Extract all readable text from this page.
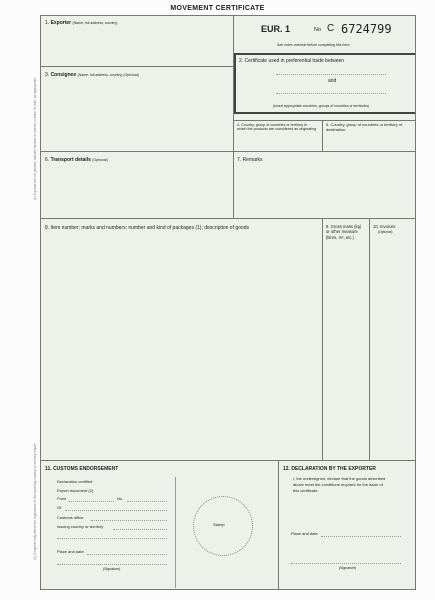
MOVEMENT CERTIFICATE
(1) If goods are not packed, indicate number of articles or state "in bulk" as appropriate
(2) Complete only where the regulations of the exporting country or territory require
1. Exporter (Name, full address, country)
EUR. 1	No C 6724799
See notes overleaf before completing this form.
2. Certificate used in preferential trade between
and
(Insert appropriate countries, groups of countries or territories)
3. Consignee (Name, full address, country) (Optional)
4. Country, group of countries or territory in which the products are considered as originating
5. Country, group of countries or territory of destination
6. Transport details (Optional)	7. Remarks
8. Item number; marks and numbers; number and kind of packages (1); description of goods	9. Gross mass (kg) or other measure (litres, m³, etc.)
10. Invoices
(Optional)
11. CUSTOMS ENDORSEMENT
Declaration certified
Export document (2)
Form	No.
Of
Customs office
Issuing country or territory
Place and date
(Signature)
Stamp
12. DECLARATION BY THE EXPORTER
I, the undersigned, declare that the goods described above meet the conditions required for the issue of this certificate.
Place and date
(Signature)
